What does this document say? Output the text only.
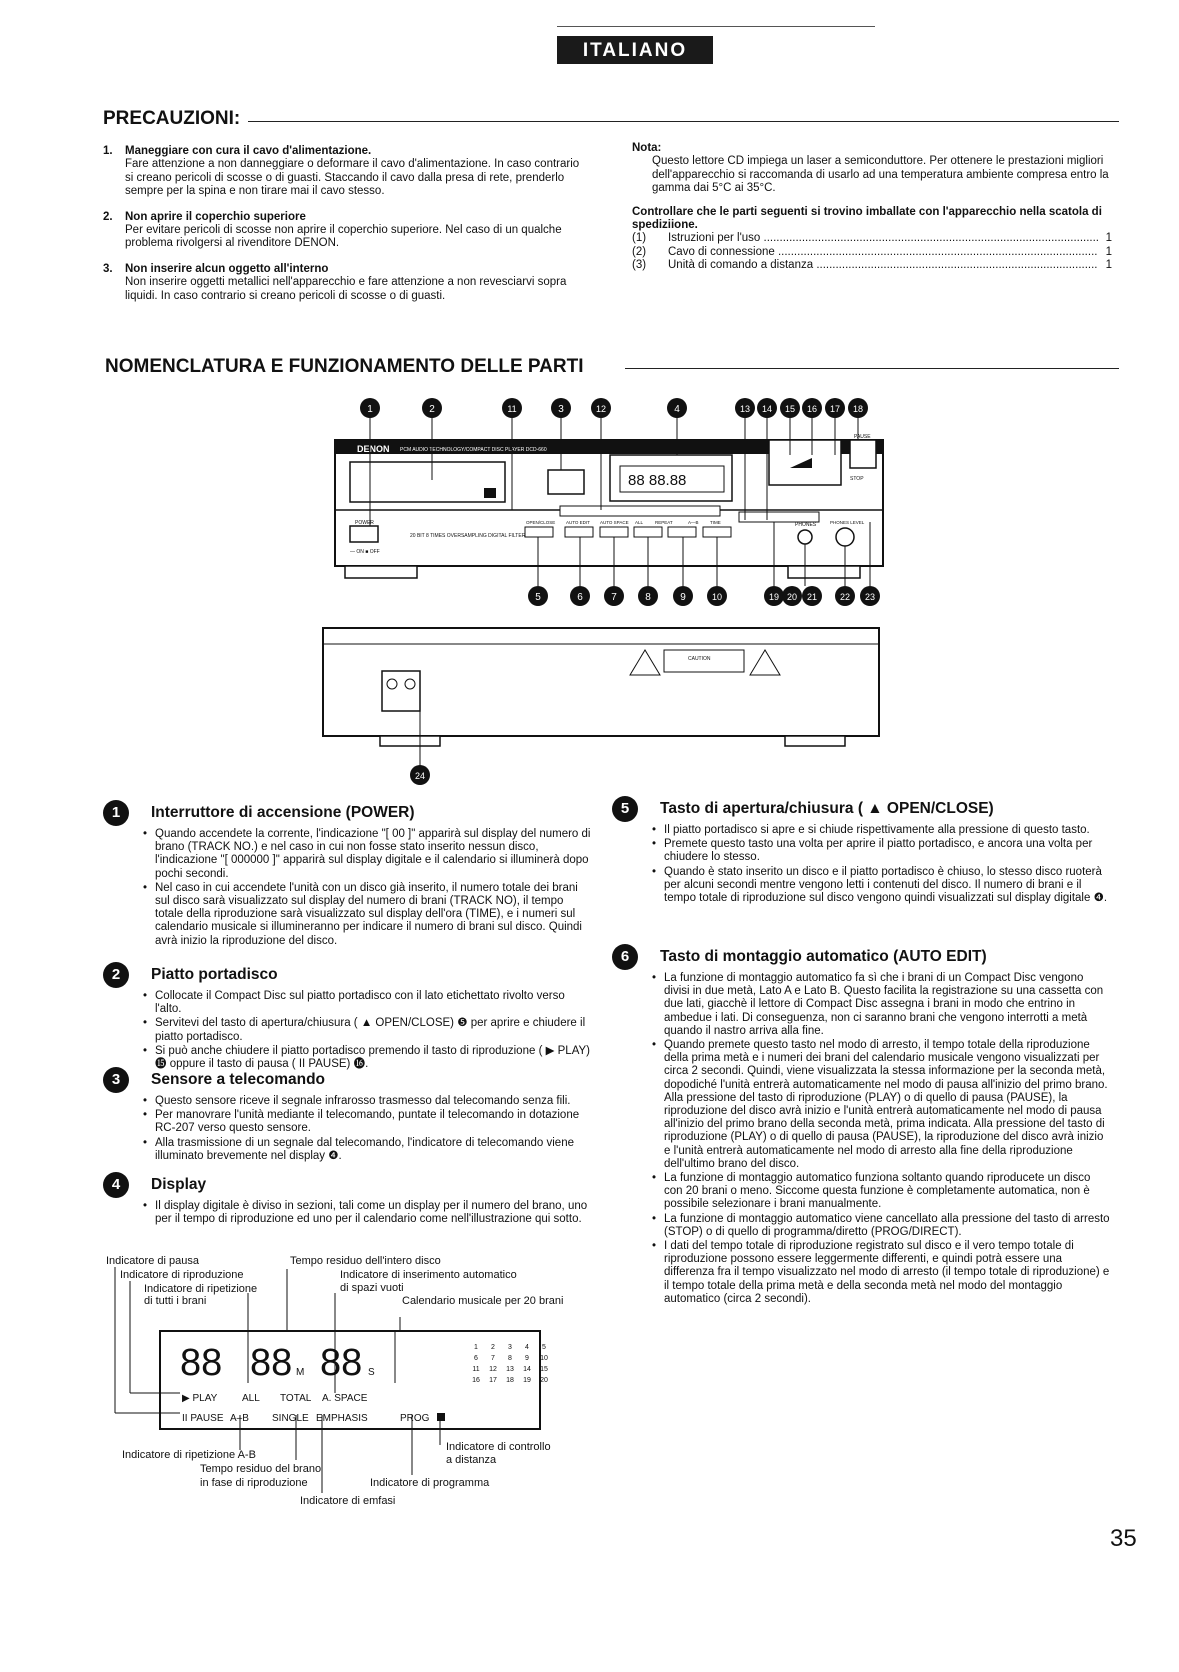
ITALIANO
PRECAUZIONI:
1. Maneggiare con cura il cavo d'alimentazione.
Fare attenzione a non danneggiare o deformare il cavo d'alimentazione. In caso contrario si creano pericoli di scosse o di guasti. Staccando il cavo dalla presa di rete, prenderlo sempre per la spina e non tirare mai il cavo stesso.
2. Non aprire il coperchio superiore
Per evitare pericoli di scosse non aprire il coperchio superiore. Nel caso di un qualche problema rivolgersi al rivenditore DENON.
3. Non inserire alcun oggetto all'interno
Non inserire oggetti metallici nell'apparecchio e fare attenzione a non revesciarvi sopra liquidi. In caso contrario si creano pericoli di scosse o di guasti.
Nota:
Questo lettore CD impiega un laser a semiconduttore. Per ottenere le prestazioni migliori dell'apparecchio si raccomanda di usarlo ad una temperatura ambiente compresa entro la gamma dai 5°C ai 35°C.
Controllare che le parti seguenti si trovino imballate con l'apparecchio nella scatola di spediziione.
(1)	Istruzioni per l'uso .....	1
(2)	Cavo di connessione .....	1
(3)	Unità di comando a distanza .....	1
NOMENCLATURA E FUNZIONAMENTO DELLE PARTI
DENON PCM AUDIO TECHNOLOGY/COMPACT DISC PLAYER DCD-660
88 88.88	STOP
PAUSE
POWER
— ON ■ OFF
20 BIT 8 TIMES OVERSAMPLING DIGITAL FILTER
OPEN/CLOSE AUTO EDIT AUTO SPACE ALL	REPEAT	A—B	TIME	PHONES	PHONES LEVEL
CAUTION
1	2	11	3	12	4	13 14 15 16 17 18
5	6	7	8	9	10	19 20 21	22 23
24
1	Interruttore di accensione (POWER)
• Quando accendete la corrente, l'indicazione "[ 00 ]" apparirà sul display del numero di brano (TRACK NO.) e nel caso in cui non fosse stato inserito nessun disco, l'indicazione "[ 000000 ]" apparirà sul display digitale e il calendario si illuminerà dopo pochi secondi.
• Nel caso in cui accendete l'unità con un disco già inserito, il numero totale dei brani sul disco sarà visualizzato sul display del numero di brani (TRACK NO), il tempo totale della riproduzione sarà visualizzato sul display dell'ora (TIME), e i numeri sul calendario musicale si illumineranno per indicare il numero di brani sul disco. Quindi avrà inizio la riproduzione del disco.
2	Piatto portadisco
• Collocate il Compact Disc sul piatto portadisco con il lato etichettato rivolto verso l'alto.
• Servitevi del tasto di apertura/chiusura ( ▲ OPEN/CLOSE) ❺ per aprire e chiudere il piatto portadisco.
• Si può anche chiudere il piatto portadisco premendo il tasto di riproduzione ( ▶ PLAY) ⓯ oppure il tasto di pausa ( II PAUSE) ⓰.
3	Sensore a telecomando
• Questo sensore riceve il segnale infrarosso trasmesso dal telecomando senza fili.
• Per manovrare l'unità mediante il telecomando, puntate il telecomando in dotazione RC-207 verso questo sensore.
• Alla trasmissione di un segnale dal telecomando, l'indicatore di telecomando viene illuminato brevemente nel display ❹.
4	Display
• Il display digitale è diviso in sezioni, tali come un display per il numero del brano, uno per il tempo di riproduzione ed uno per il calendario come nell'illustrazione qui sotto.
88 88 M 88 S
▶ PLAY ALL TOTAL A. SPACE
II PAUSE A–B SINGLE EMPHASIS	PROG
1 2 3 4 5
6 7 8 9 10
11 12 13 14 15
16 17 18 19 20
Indicatore di pausa
Indicatore di riproduzione
Indicatore di ripetizione
di tutti i brani
Tempo residuo dell'intero disco
Indicatore di inserimento automatico
di spazi vuoti
Calendario musicale per 20 brani
Indicatore di ripetizione A-B
Tempo residuo del brano
in fase di riproduzione	Indicatore di programma
Indicatore di controllo
a distanza
Indicatore di emfasi
5	Tasto di apertura/chiusura ( ▲ OPEN/CLOSE)
• Il piatto portadisco si apre e si chiude rispettivamente alla pressione di questo tasto.
• Premete questo tasto una volta per aprire il piatto portadisco, e ancora una volta per chiudere lo stesso.
• Quando è stato inserito un disco e il piatto portadisco è chiuso, lo stesso disco ruoterà per alcuni secondi mentre vengono letti i contenuti del disco. Il numero di brani e il tempo totale di riproduzione sul disco vengono quindi visualizzati sul display digitale ❹.
6	Tasto di montaggio automatico (AUTO EDIT)
• La funzione di montaggio automatico fa sì che i brani di un Compact Disc vengono divisi in due metà, Lato A e Lato B. Questo facilita la registrazione su una cassetta con due lati, giacchè il lettore di Compact Disc assegna i brani in modo che entrino in ambedue i lati. Di conseguenza, non ci saranno brani che vengono interrotti a metà quando il nastro arriva alla fine.
• Quando premete questo tasto nel modo di arresto, il tempo totale della riproduzione della prima metà e i numeri dei brani del calendario musicale vengono visualizzati per circa 2 secondi. Quindi, viene visualizzata la stessa informazione per la seconda metà, dopodiché l'unità entrerà automaticamente nel modo di pausa all'inizio del primo brano. Alla pressione del tasto di riproduzione (PLAY) o di quello di pausa (PAUSE), la riproduzione del disco avrà inizio e l'unità entrerà automaticamente nel modo di pausa all'inizio del primo brano della seconda metà, prima indicata. Alla pressione del tasto di riproduzione (PLAY) o di quello di pausa (PAUSE), la riproduzione del disco avrà inizio e l'unità entrerà automaticamente nel modo di arresto alla fine della riproduzione dell'ultimo brano del disco.
• La funzione di montaggio automatico funziona soltanto quando riproducete un disco con 20 brani o meno. Siccome questa funzione è completamente automatica, non è possibile selezionare i brani manualmente.
• La funzione di montaggio automatico viene cancellato alla pressione del tasto di arresto (STOP) o di quello di programma/diretto (PROG/DIRECT).
• I dati del tempo totale di riproduzione registrato sul disco e il vero tempo totale di riproduzione possono essere leggermente differenti, e quindi potrà essere una differenza fra il tempo visualizzato nel modo di arresto (il tempo totale di riproduzione) e il tempo totale della prima metà e della seconda metà nel modo del montaggio automatico (circa 2 secondi).
35
